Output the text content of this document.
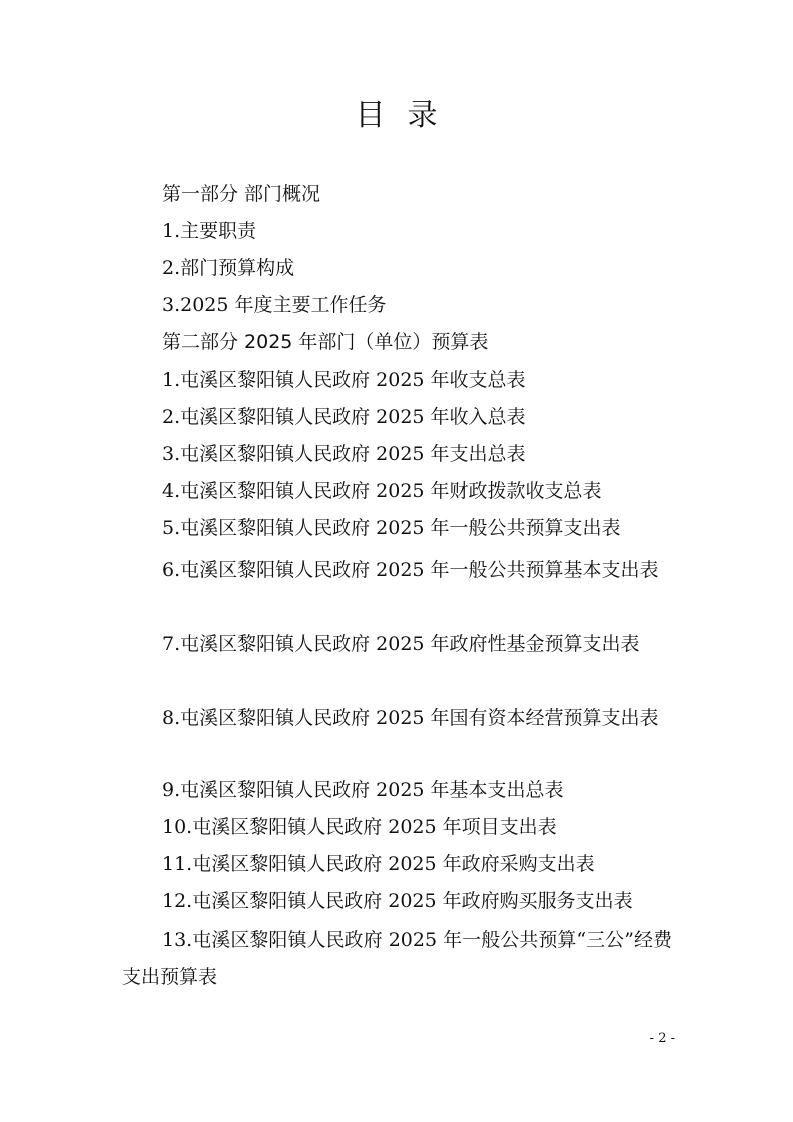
目录
第一部分 部门概况
1.主要职责
2.部门预算构成
3.2025 年度主要工作任务
第二部分 2025 年部门（单位）预算表
1.屯溪区黎阳镇人民政府 2025 年收支总表
2.屯溪区黎阳镇人民政府 2025 年收入总表
3.屯溪区黎阳镇人民政府 2025 年支出总表
4.屯溪区黎阳镇人民政府 2025 年财政拨款收支总表
5.屯溪区黎阳镇人民政府 2025 年一般公共预算支出表
6.屯溪区黎阳镇人民政府 2025 年一般公共预算基本支出表
7.屯溪区黎阳镇人民政府 2025 年政府性基金预算支出表
8.屯溪区黎阳镇人民政府 2025 年国有资本经营预算支出表
9.屯溪区黎阳镇人民政府 2025 年基本支出总表
10.屯溪区黎阳镇人民政府 2025 年项目支出表
11.屯溪区黎阳镇人民政府 2025 年政府采购支出表
12.屯溪区黎阳镇人民政府 2025 年政府购买服务支出表
13.屯溪区黎阳镇人民政府 2025 年一般公共预算“三公”经费支出预算表
- 2 -
